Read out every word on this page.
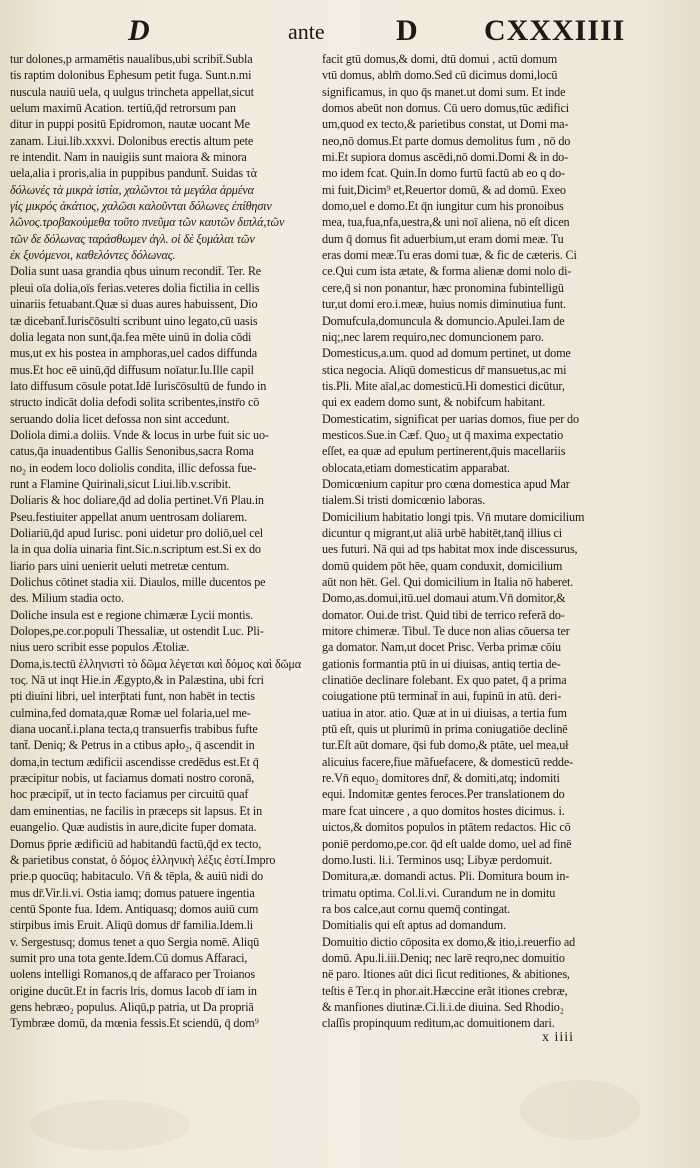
D	ante D CXXXIIII
tur dolones,p armamētis naualibus,ubi scribit̄.Subla
tis raptim dolonibus Ephesum petit fuga. Sunt.n.mi
nuscula nauiū uela, q uulgus trincheta appellat,sicut
uelum maximū Acation. tertiū,q̄d retrorsum pan
ditur in puppi positū Epidromon, nautæ uocant Me
zanam. Liui.lib.xxxvi. Dolonibus erectis altum pete
re intendit. Nam in nauigiis sunt maiora & minora
uela,alia i proris,alia in puppibus pandunt̄. Suidas τὰ
δόλωνές τὰ μικρὰ ἱστία, χαλῶντοι τὰ μεγάλα ἀρμένα
γίς μικρός ἀκάτιος, χαλῶσι καλοῦνται δόλωνες ἐπίθησιν
λῶνος.τροβακούμεθα τοῦτο πνεῦμα τῶν καυτῶν διπλά,τῶν
τῶν δε δόλωνας ταράσθωμεν ἀγλ. οἱ δὲ ξυμάλαι τῶν
ἐκ ξυνόμενοι, καθελόντες δόλωνας.
Dolia sunt uasa grandia qbus uinum recondit̄. Ter. Re
pleui oīa dolia,oīs ferias.veteres dolia fictilia in cellis
uinariis fetuabant.Quæ si duas aures habuissent, Dio
tæ dicebant̄.Iurisc̄ōsulti scribunt uino legato,cū uasis
dolia legata non sunt,q̄a.fea mēte uinū in dolia cōdi
mus,ut ex his postea in amphoras,uel cados diffunda
mus.Et hoc eē uinū,q̄d diffusum noīatur.Iu.Ille capil
lato diffusum cōsule potat.Idē Iurisc̄ōsultū de fundo in
structo indicāt dolia defodi solita scribentes,instr̄o cō
seruando dolia licet defossa non sint accedunt.
Doliola dimi.a doliis. Vnde & locus in urbe fuit sic uo-
catus,q̄a inuadentibus Gallis Senonibus,sacra Roma
no₂ in eodem loco doliolis condita, illic defossa fue-
runt a Flamine Quirinali,sicut Liui.lib.v.scribit.
Doliaris & hoc doliare,q̄d ad dolia pertinet.Vn̄ Plau.in
Pseu.festiuiter appellat anum uentrosam doliarem.
Doliariū,q̄d apud Iurisc. poni uidetur pro doliō,uel cel
la in qua dolia uinaria fint.Sic.n.scriptum est.Si ex do
liario pars uini uenierit ueluti metretæ centum.
Dolichus cōtinet stadia xii. Diaulos, mille ducentos pe
des. Milium stadia octo.
Doliche insula est e regione chimæræ Lycii montis.
Dolopes,pe.cor.populi Thessaliæ, ut ostendit Luc. Pli-
nius uero scribit esse populos Ætoliæ.
Doma,is.tectū ἑλληνιστὶ τὸ δῶμα λέγεται καὶ δόμος καὶ δῶμα
τος. Nā ut inqt Hie.in Ægypto,& in Palæstina, ubi fcri
pti diuini libri, uel interp̄tati funt, non habēt in tectis
culmina,fed domata,quæ Romæ uel folaria,uel me-
diana uocant̄.i.plana tecta,q transuerfis trabibus fufte
tant̄. Deniq; & Petrus in a ctibus apło₂, q̄ ascendit in
doma,in tectum ædificii ascendisse credēdus est.Et q̄
præcipitur nobis, ut faciamus domati nostro coronā,
hoc præcipit̄, ut in tecto faciamus per circuitū quaf
dam eminentias, ne facilis in præceps sit lapsus. Et in
euangelio. Quæ audistis in aure,dicite fuper domata.
Domus p̄prie ædificiū ad habitandū factū,q̄d ex tecto,
& parietibus constat, ὁ δόμος ἑλληνικὴ λέξις ἐστί.Impro
prie.p quocūq; habitaculo. Vn̄ & tēpla, & auiū nidi do
mus dr̄.Vir.li.vi. Ostia iamq; domus patuere ingentia
centū Sponte fua. Idem. Antiquasq; domos auiū cum
stirpibus imis Eruit. Aliqū domus dr̄ familia.Idem.li
v. Sergestusq; domus tenet a quo Sergia nomē. Aliqū
sumit pro una tota gente.Idem.Cū domus Affaraci,
uolens intelligi Romanos,q de affaraco per Troianos
origine ducūt.Et in facris lris, domus Iacob dī iam in
gens hebræo₂ populus. Aliqū,p patria, ut Da propriā
Tymbræe domū, da mœnia fessis.Et sciendū, q̄ dom⁹
facit gtū domus,& domi, dtū domui , actū domum
vtū domus, ablm̄ domo.Sed cū dicimus domi,locū
significamus, in quo q̄s manet.ut domi sum. Et inde
domos abeūt non domus. Cū uero domus,tūc ædifici
um,quod ex tecto,& parietibus constat, ut Domi ma-
neo,nō domus.Et parte domus demolitus fum , nō do
mi.Et supiora domus ascēdi,nō domi.Domi & in do-
mo idem fcat. Quin.In domo furtū factū ab eo q do-
mi fuit,Dicim⁹ et,Reuertor domū, & ad domū. Exeo
domo,uel e domo.Et q̄n iungitur cum his pronoibus
mea, tua,fua,nfa,uestra,& uni noī aliena, nō eſt dicen
dum q̄ domus fit aduerbium,ut eram domi meæ. Tu
eras domi meæ.Tu eras domi tuæ, & fic de cæteris. Ci
ce.Qui cum ista ætate, & forma alienæ domi nolo di-
cere,q̄ si non ponantur, hæc pronomina fubintelligū
tur,ut domi ero.i.meæ, huius nomis diminutiua funt.
Domufcula,domuncula & domuncio.Apulei.Iam de
niq;,nec larem requiro,nec domuncionem paro.
Domesticus,a.um. quod ad domum pertinet, ut dome
stica negocia. Aliqū domesticus dr̄ mansuetus,ac mi
tis.Pli. Mite aīal,ac domesticū.Hi domestici dicūtur,
qui ex eadem domo sunt, & nobifcum habitant.
Domesticatim, significat per uarias domos, fiue per do
mesticos.Sue.in Cæf. Quo₂ ut q̄ maxima expectatio
eſſet, ea quæ ad epulum pertinerent,q̄uis macellariis
oblocata,etiam domesticatim apparabat.
Domicœnium capitur pro cœna domestica apud Mar
tialem.Si tristi domicœnio laboras.
Domicilium habitatio longi tpis. Vn̄ mutare domicilium
dicuntur q migrant,ut aliā urbē habitēt,tanq̄ illius ci
ues futuri. Nā qui ad tps habitat mox inde discessurus,
domū quidem pōt hēe, quam conduxit, domicilium
aūt non hēt. Gel. Qui domicilium in Italia nō haberet.
Domo,as.domui,itū.uel domaui atum.Vn̄ domitor,&
domator. Oui.de trist. Quid tibi de terrico referā do-
mitore chimeræ. Tibul. Te duce non alias cōuersa ter
ga domator. Nam,ut docet Prisc. Verba primæ cōiu
gationis formantia ptū in ui diuisas, antiq tertia de-
clinatiōe declinare folebant. Ex quo patet, q̄ a prima
coiugatione ptū terminat̄ in aui, fupinū in atū. deri-
uatiua in ator. atio. Quæ at in ui diuisas, a tertia fum
ptū eſt, quis ut plurimū in prima coniugatiōe declinē
tur.Eſt aūt domare, q̄si fub domo,& ptāte, uel mea,uł
alicuius facere,fiue mãfuefacere, & domesticū redde-
re.Vn̄ equo₂ domitores dnr̄, & domiti,atq; indomiti
equi. Indomitæ gentes feroces.Per translationem do
mare fcat uincere , a quo domitos hostes dicimus. i.
uictos,& domitos populos in ptātem redactos. Hic cō
poniē perdomo,pe.cor. q̄d eſt ualde domo, uel ad finē
domo.Iusti. li.i. Terminos usq; Libyæ perdomuit.
Domitura,æ. domandi actus. Pli. Domitura boum in-
trimatu optima. Col.li.vi. Curandum ne in domitu
ra bos calce,aut cornu quemq̄ contingat.
Domitialis qui eſt aptus ad domandum.
Domuitio dictio cōposita ex domo,& itio,i.reuerfio ad
domū. Apu.li.iii.Deniq; nec larē reqro,nec domuitio
nē paro. Itiones aūt dici ſicut reditiones, & abitiones,
teſtis ē Ter.q in phor.ait.Hæccine erãt itiones crebræ,
& manfiones diutinæ.Ci.li.i.de diuina. Sed Rhodio₂
claſſis propinquum reditum,ac domuitionem dari.
x iiii
